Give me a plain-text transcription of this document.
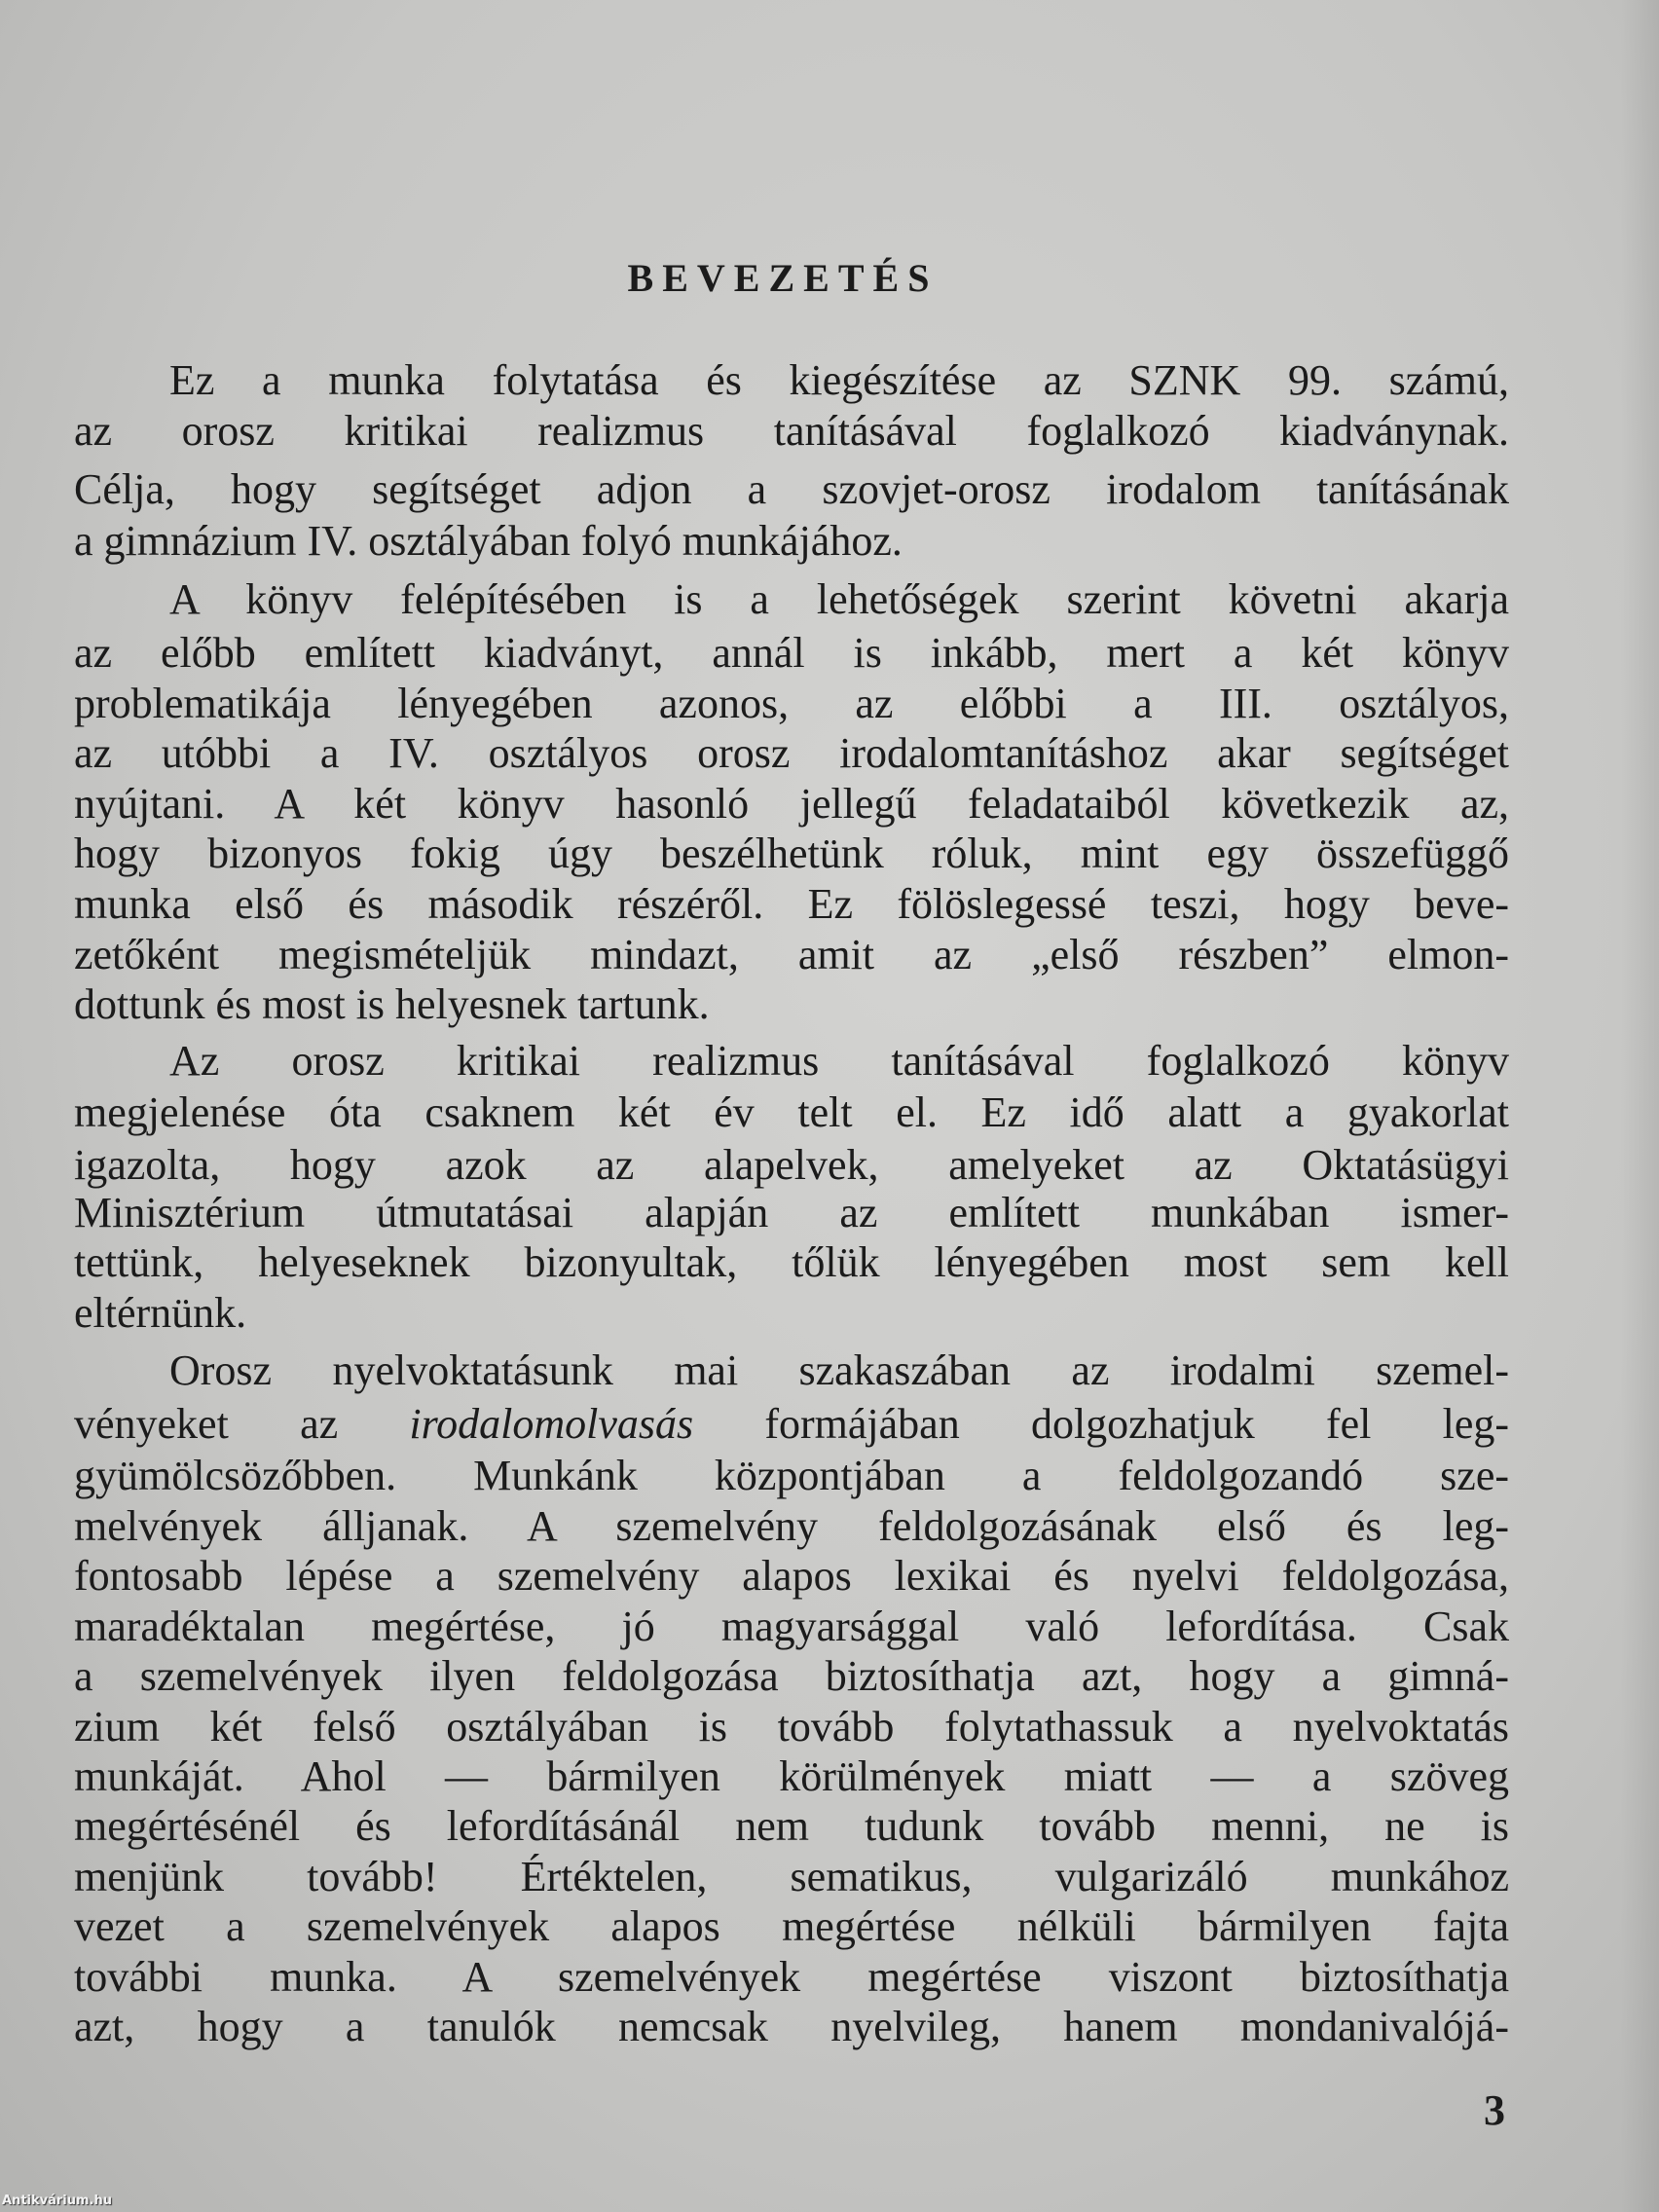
BEVEZETÉS
Ez a munka folytatása és kiegészítése az SZNK 99. számú,
az orosz kritikai realizmus tanításával foglalkozó kiadványnak.
Célja, hogy segítséget adjon a szovjet-orosz irodalom tanításának
a gimnázium IV. osztályában folyó munkájához.
A könyv felépítésében is a lehetőségek szerint követni akarja
az előbb említett kiadványt, annál is inkább, mert a két könyv
problematikája lényegében azonos, az előbbi a III. osztályos,
az utóbbi a IV. osztályos orosz irodalomtanításhoz akar segítséget
nyújtani. A két könyv hasonló jellegű feladataiból következik az,
hogy bizonyos fokig úgy beszélhetünk róluk, mint egy összefüggő
munka első és második részéről. Ez fölöslegessé teszi, hogy beve-
zetőként megismételjük mindazt, amit az „első részben” elmon-
dottunk és most is helyesnek tartunk.
Az orosz kritikai realizmus tanításával foglalkozó könyv
megjelenése óta csaknem két év telt el. Ez idő alatt a gyakorlat
igazolta, hogy azok az alapelvek, amelyeket az Oktatásügyi
Minisztérium útmutatásai alapján az említett munkában ismer-
tettünk, helyeseknek bizonyultak, tőlük lényegében most sem kell
eltérnünk.
Orosz nyelvoktatásunk mai szakaszában az irodalmi szemel-
vényeket az irodalomolvasás formájában dolgozhatjuk fel leg-
gyümölcsözőbben. Munkánk központjában a feldolgozandó sze-
melvények álljanak. A szemelvény feldolgozásának első és leg-
fontosabb lépése a szemelvény alapos lexikai és nyelvi feldolgozása,
maradéktalan megértése, jó magyarsággal való lefordítása. Csak
a szemelvények ilyen feldolgozása biztosíthatja azt, hogy a gimná-
zium két felső osztályában is tovább folytathassuk a nyelvoktatás
munkáját. Ahol — bármilyen körülmények miatt — a szöveg
megértésénél és lefordításánál nem tudunk tovább menni, ne is
menjünk tovább! Értéktelen, sematikus, vulgarizáló munkához
vezet a szemelvények alapos megértése nélküli bármilyen fajta
további munka. A szemelvények megértése viszont biztosíthatja
azt, hogy a tanulók nemcsak nyelvileg, hanem mondanivalójá-
3
Antikvárium.hu
